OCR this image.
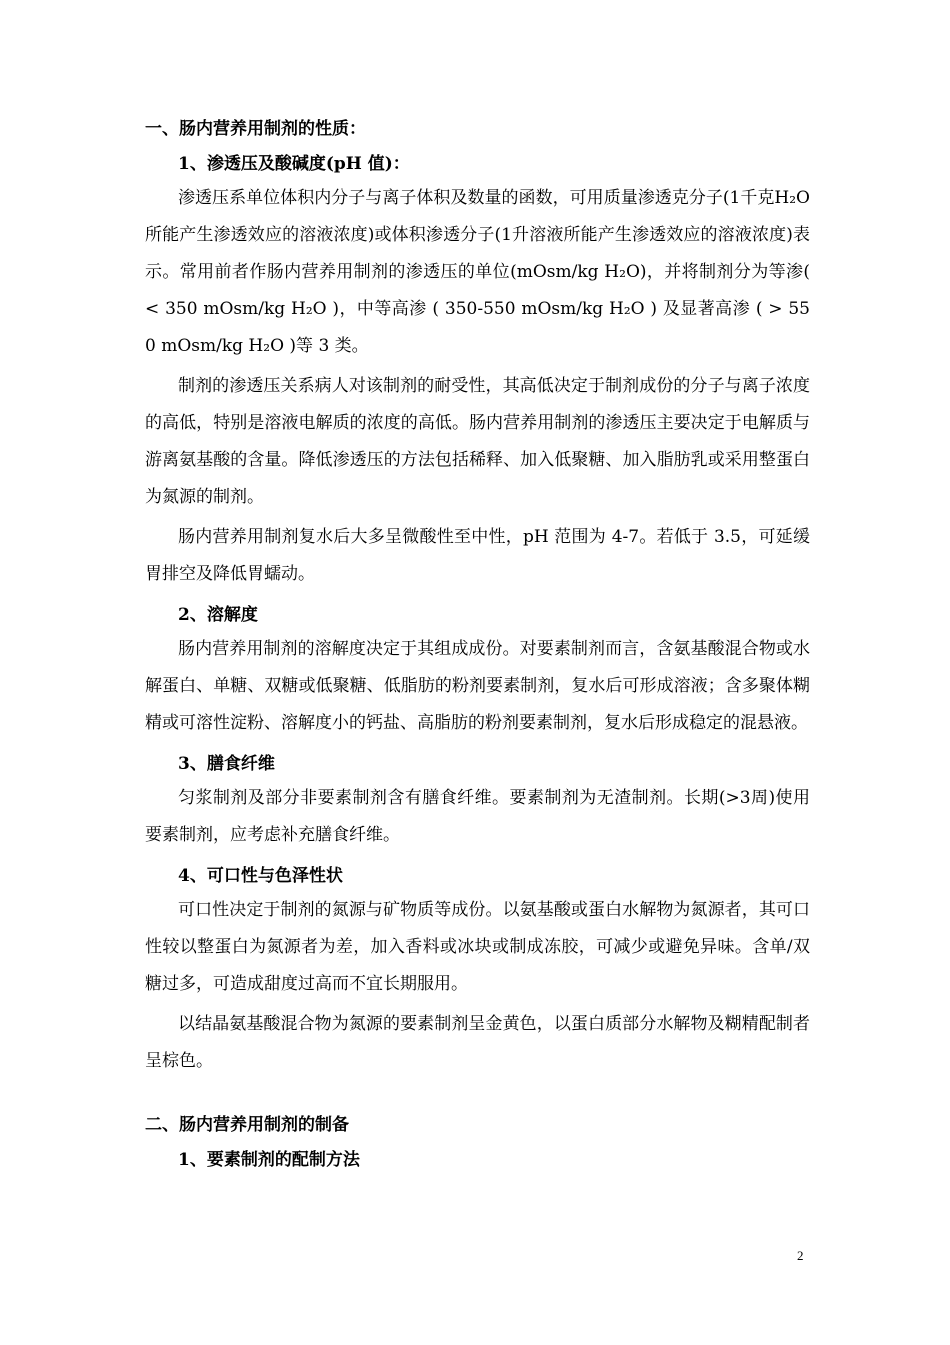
一、肠内营养用制剂的性质：
1、渗透压及酸碱度(pH 值)：

渗透压系单位体积内分子与离子体积及数量的函数，可用质量渗透克分子(1千克H₂O所能产生渗透效应的溶液浓度)或体积渗透分子(1升溶液所能产生渗透效应的溶液浓度)表示。常用前者作肠内营养用制剂的渗透压的单位(mOsm/kg H₂O)，并将制剂分为等渗( < 350 mOsm/kg H₂O )，中等高渗 ( 350-550 mOsm/kg H₂O ) 及显著高渗 ( > 550 mOsm/kg H₂O )等 3 类。

制剂的渗透压关系病人对该制剂的耐受性，其高低决定于制剂成份的分子与离子浓度的高低，特别是溶液电解质的浓度的高低。肠内营养用制剂的渗透压主要决定于电解质与游离氨基酸的含量。降低渗透压的方法包括稀释、加入低聚糖、加入脂肪乳或采用整蛋白为氮源的制剂。

肠内营养用制剂复水后大多呈微酸性至中性，pH 范围为 4-7。若低于 3.5，可延缓胃排空及降低胃蠕动。

2、溶解度

肠内营养用制剂的溶解度决定于其组成成份。对要素制剂而言，含氨基酸混合物或水解蛋白、单糖、双糖或低聚糖、低脂肪的粉剂要素制剂，复水后可形成溶液；含多聚体糊精或可溶性淀粉、溶解度小的钙盐、高脂肪的粉剂要素制剂，复水后形成稳定的混悬液。

3、膳食纤维

匀浆制剂及部分非要素制剂含有膳食纤维。要素制剂为无渣制剂。长期(>3周)使用要素制剂，应考虑补充膳食纤维。

4、可口性与色泽性状

可口性决定于制剂的氮源与矿物质等成份。以氨基酸或蛋白水解物为氮源者，其可口性较以整蛋白为氮源者为差，加入香料或冰块或制成冻胶，可减少或避免异味。含单/双糖过多，可造成甜度过高而不宜长期服用。

以结晶氨基酸混合物为氮源的要素制剂呈金黄色，以蛋白质部分水解物及糊精配制者呈棕色。

二、肠内营养用制剂的制备
1、要素制剂的配制方法
2
